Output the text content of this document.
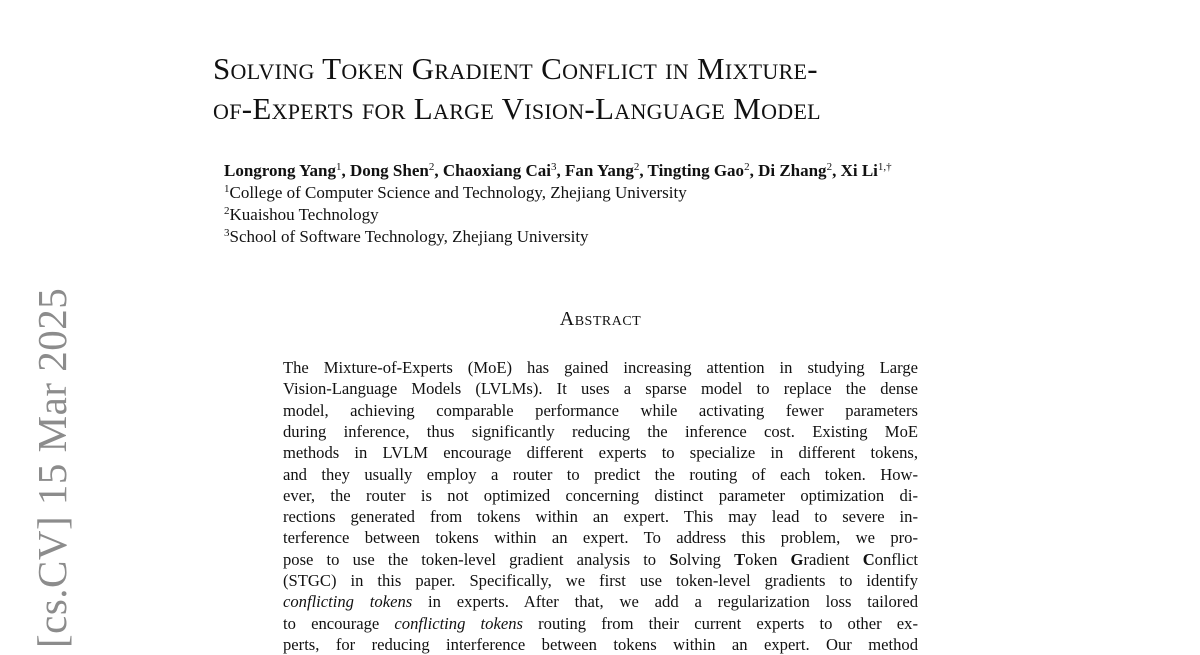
Solving Token Gradient Conflict in Mixture-
of-Experts for Large Vision-Language Model
Longrong Yang$^1$, Dong Shen$^2$, Chaoxiang Cai$^3$, Fan Yang$^2$, Tingting Gao$^2$, Di Zhang$^2$, Xi $Li^{1,\dagger}$
$^1$College of Computer Science and Technology, Zhejiang University
$^2$Kuaishou Technology
$^3$School of Software Technology, Zhejiang University
Abstract
The Mixture-of-Experts (MoE) has gained increasing attention in studying Large
Vision-Language Models (LVLMs). It uses a sparse model to replace the dense
model, achieving comparable performance while activating fewer parameters
during inference, thus significantly reducing the inference cost. Existing MoE
methods in LVLM encourage different experts to specialize in different tokens,
and they usually employ a router to predict the routing of each token. How-
ever, the router is not optimized concerning distinct parameter optimization di-
rections generated from tokens within an expert. This may lead to severe in-
terference between tokens within an expert. To address this problem, we pro-
pose to use the token-level gradient analysis to Solving Token Gradient Conflict
(STGC) in this paper. Specifically, we first use token-level gradients to identify
conflicting tokens in experts. After that, we add a regularization loss tailored
to encourage conflicting tokens routing from their current experts to other ex-
perts, for reducing interference between tokens within an expert. Our method
[cs.CV] 15 Mar 2025
